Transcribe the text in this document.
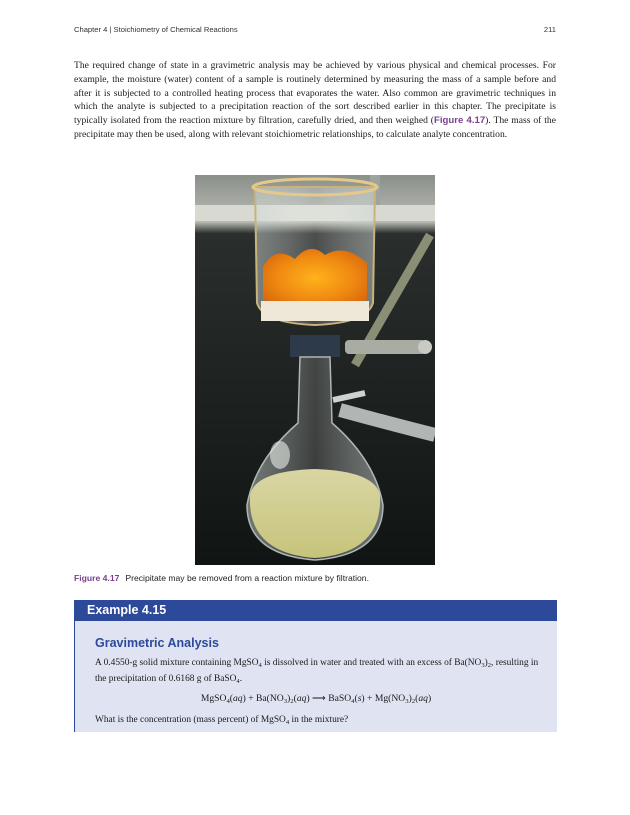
Chapter 4 | Stoichiometry of Chemical Reactions	211

The required change of state in a gravimetric analysis may be achieved by various physical and chemical processes. For example, the moisture (water) content of a sample is routinely determined by measuring the mass of a sample before and after it is subjected to a controlled heating process that evaporates the water. Also common are gravimetric techniques in which the analyte is subjected to a precipitation reaction of the sort described earlier in this chapter. The precipitate is typically isolated from the reaction mixture by filtration, carefully dried, and then weighed (Figure 4.17). The mass of the precipitate may then be used, along with relevant stoichiometric relationships, to calculate analyte concentration.

Figure 4.17 Precipitate may be removed from a reaction mixture by filtration.
Example 4.15
Gravimetric Analysis
A 0.4550-g solid mixture containing MgSO$_4$ is dissolved in water and treated with an excess of $Ba(NO_3)_2$, resulting in the precipitation of 0.6168 g of BaSO$_4$.
MgSO$_4$(aq) + $Ba(NO_3)_2(aq)$ ⟶ BaSO$_4$(s) + $Mg(NO_3)_2(aq)$
What is the concentration (mass percent) of MgSO$_4$ in the mixture?
